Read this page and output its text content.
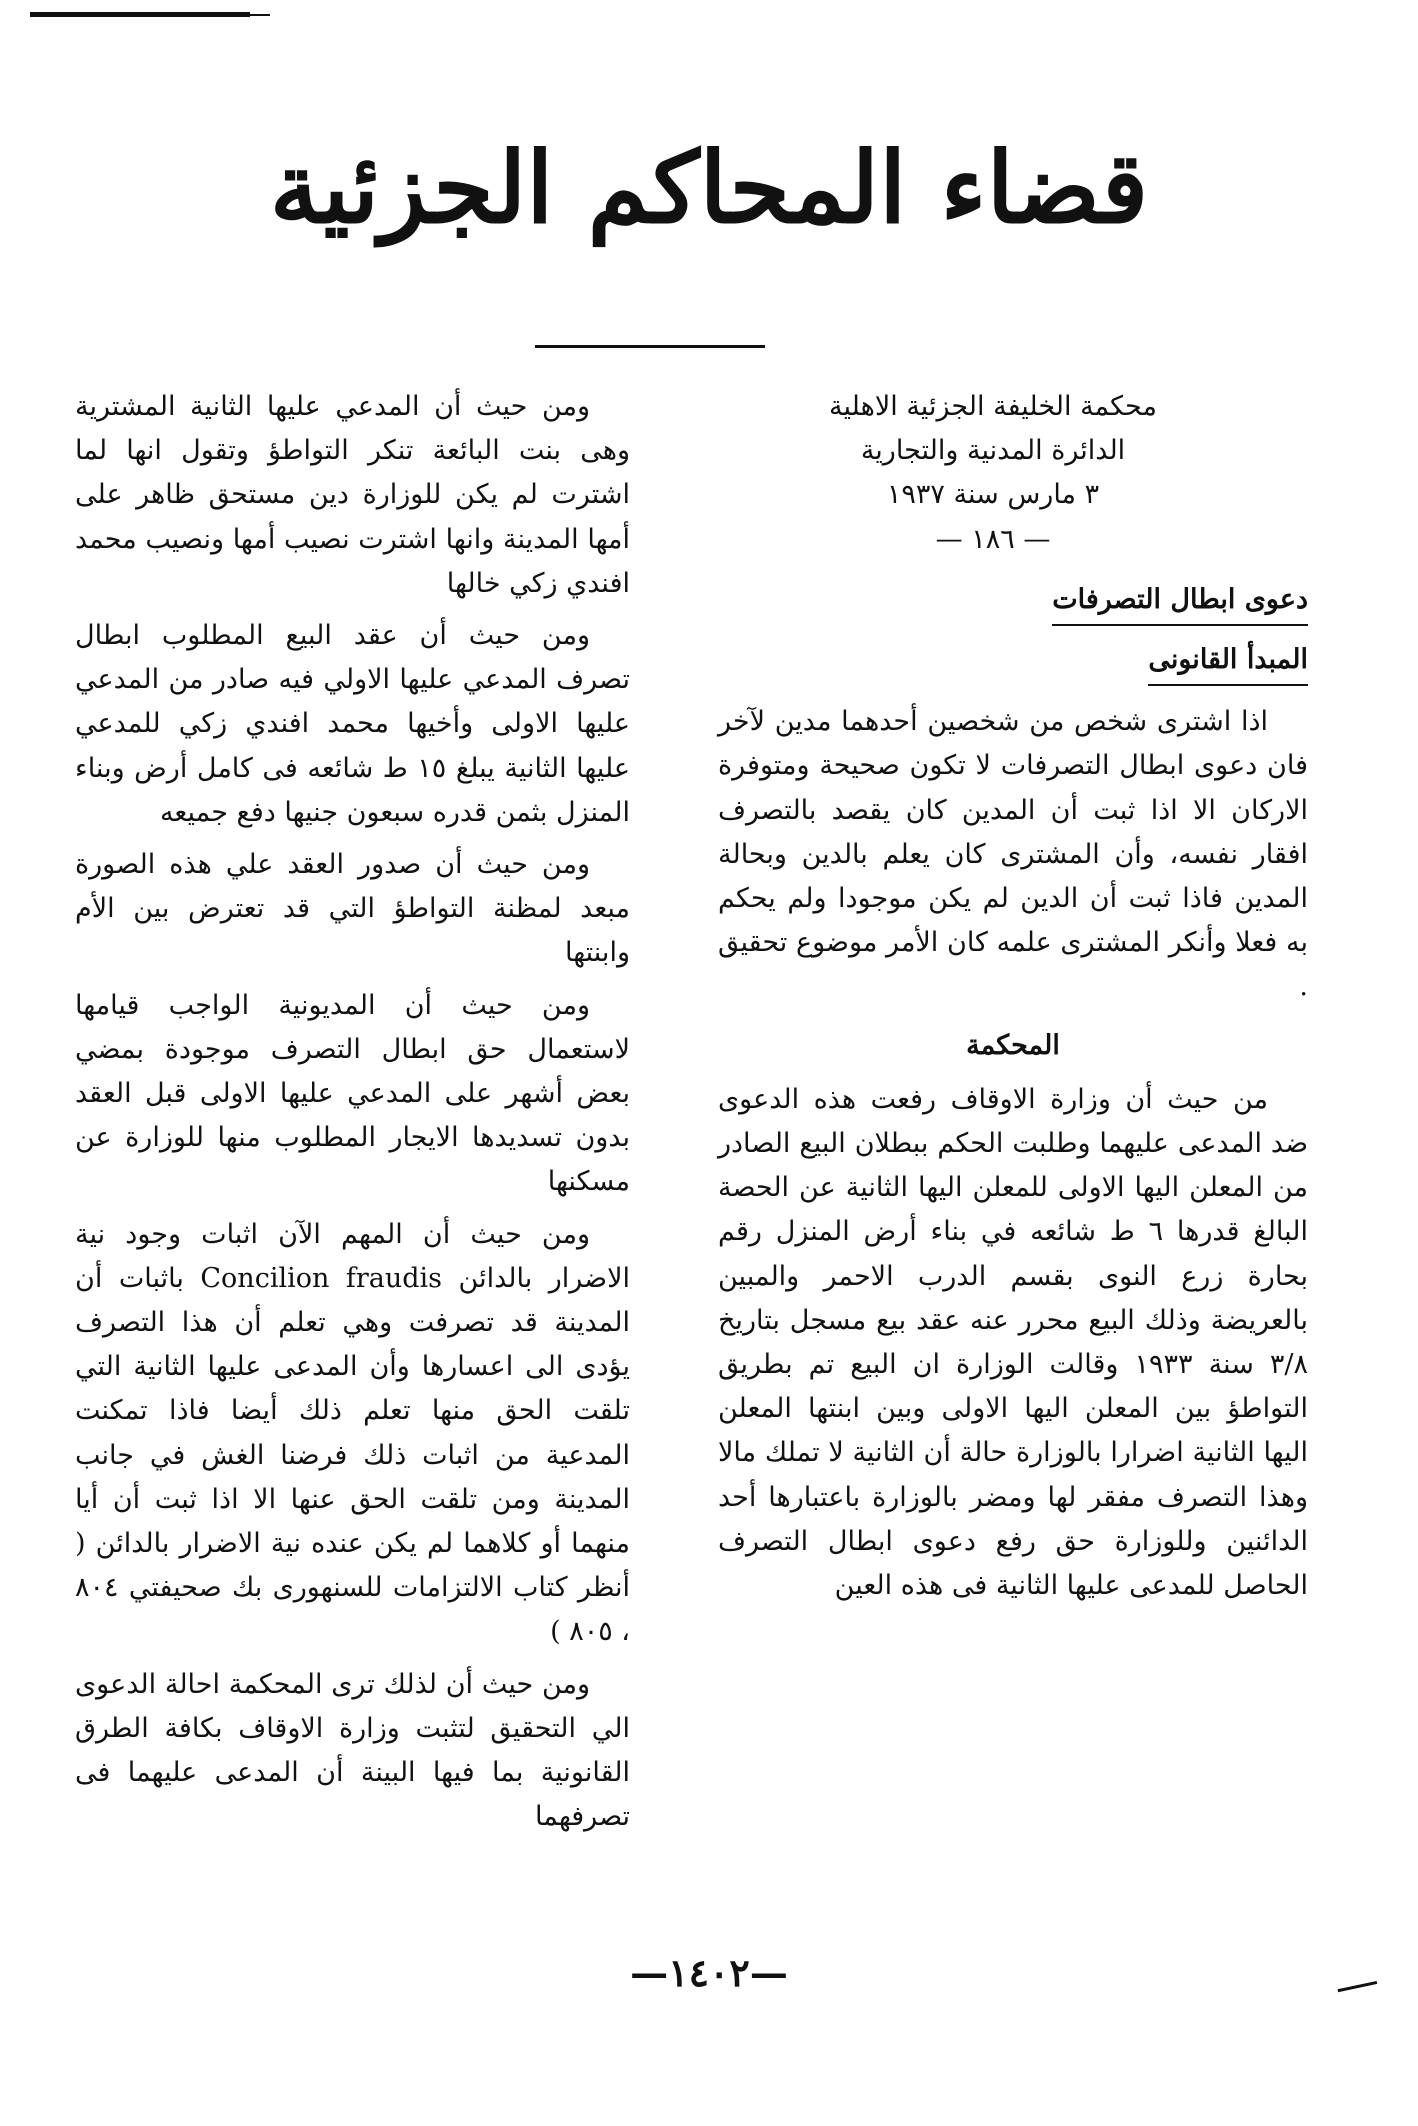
قضاء المحاكم الجزئية

محكمة الخليفة الجزئية الاهلية

الدائرة المدنية والتجارية

٣ مارس سنة ١٩٣٧

— ١٨٦ —

دعوى ابطال التصرفات
المبدأ القانونى

اذا اشترى شخص من شخصين أحدهما مدين لآخر فان دعوى ابطال التصرفات لا تكون صحيحة ومتوفرة الاركان الا اذا ثبت أن المدين كان يقصد بالتصرف افقار نفسه، وأن المشترى كان يعلم بالدين وبحالة المدين فاذا ثبت أن الدين لم يكن موجودا ولم يحكم به فعلا وأنكر المشترى علمه كان الأمر موضوع تحقيق .

المحكمة

من حيث أن وزارة الاوقاف رفعت هذه الدعوى ضد المدعى عليهما وطلبت الحكم ببطلان البيع الصادر من المعلن اليها الاولى للمعلن اليها الثانية عن الحصة البالغ قدرها ٦ ط شائعه في بناء أرض المنزل رقم بحارة زرع النوى بقسم الدرب الاحمر والمبين بالعريضة وذلك البيع محرر عنه عقد بيع مسجل بتاريخ ٣/٨ سنة ١٩٣٣ وقالت الوزارة ان البيع تم بطريق التواطؤ بين المعلن اليها الاولى وبين ابنتها المعلن اليها الثانية اضرارا بالوزارة حالة أن الثانية لا تملك مالا وهذا التصرف مفقر لها ومضر بالوزارة باعتبارها أحد الدائنين وللوزارة حق رفع دعوى ابطال التصرف الحاصل للمدعى عليها الثانية فى هذه العين

ومن حيث أن المدعي عليها الثانية المشترية وهى بنت البائعة تنكر التواطؤ وتقول انها لما اشترت لم يكن للوزارة دين مستحق ظاهر على أمها المدينة وانها اشترت نصيب أمها ونصيب محمد افندي زكي خالها

ومن حيث أن عقد البيع المطلوب ابطال تصرف المدعي عليها الاولي فيه صادر من المدعي عليها الاولى وأخيها محمد افندي زكي للمدعي عليها الثانية يبلغ ١٥ ط شائعه فى كامل أرض وبناء المنزل بثمن قدره سبعون جنيها دفع جميعه

ومن حيث أن صدور العقد علي هذه الصورة مبعد لمظنة التواطؤ التي قد تعترض بين الأم وابنتها

ومن حيث أن المديونية الواجب قيامها لاستعمال حق ابطال التصرف موجودة بمضي بعض أشهر على المدعي عليها الاولى قبل العقد بدون تسديدها الايجار المطلوب منها للوزارة عن مسكنها

ومن حيث أن المهم الآن اثبات وجود نية الاضرار بالدائن Concilion fraudis باثبات أن المدينة قد تصرفت وهي تعلم أن هذا التصرف يؤدى الى اعسارها وأن المدعى عليها الثانية التي تلقت الحق منها تعلم ذلك أيضا فاذا تمكنت المدعية من اثبات ذلك فرضنا الغش في جانب المدينة ومن تلقت الحق عنها الا اذا ثبت أن أيا منهما أو كلاهما لم يكن عنده نية الاضرار بالدائن ( أنظر كتاب الالتزامات للسنهورى بك صحيفتي ٨٠٤ ، ٨٠٥ )

ومن حيث أن لذلك ترى المحكمة احالة الدعوى الي التحقيق لتثبت وزارة الاوقاف بكافة الطرق القانونية بما فيها البينة أن المدعى عليهما فى تصرفهما

—١٤٠٢—
